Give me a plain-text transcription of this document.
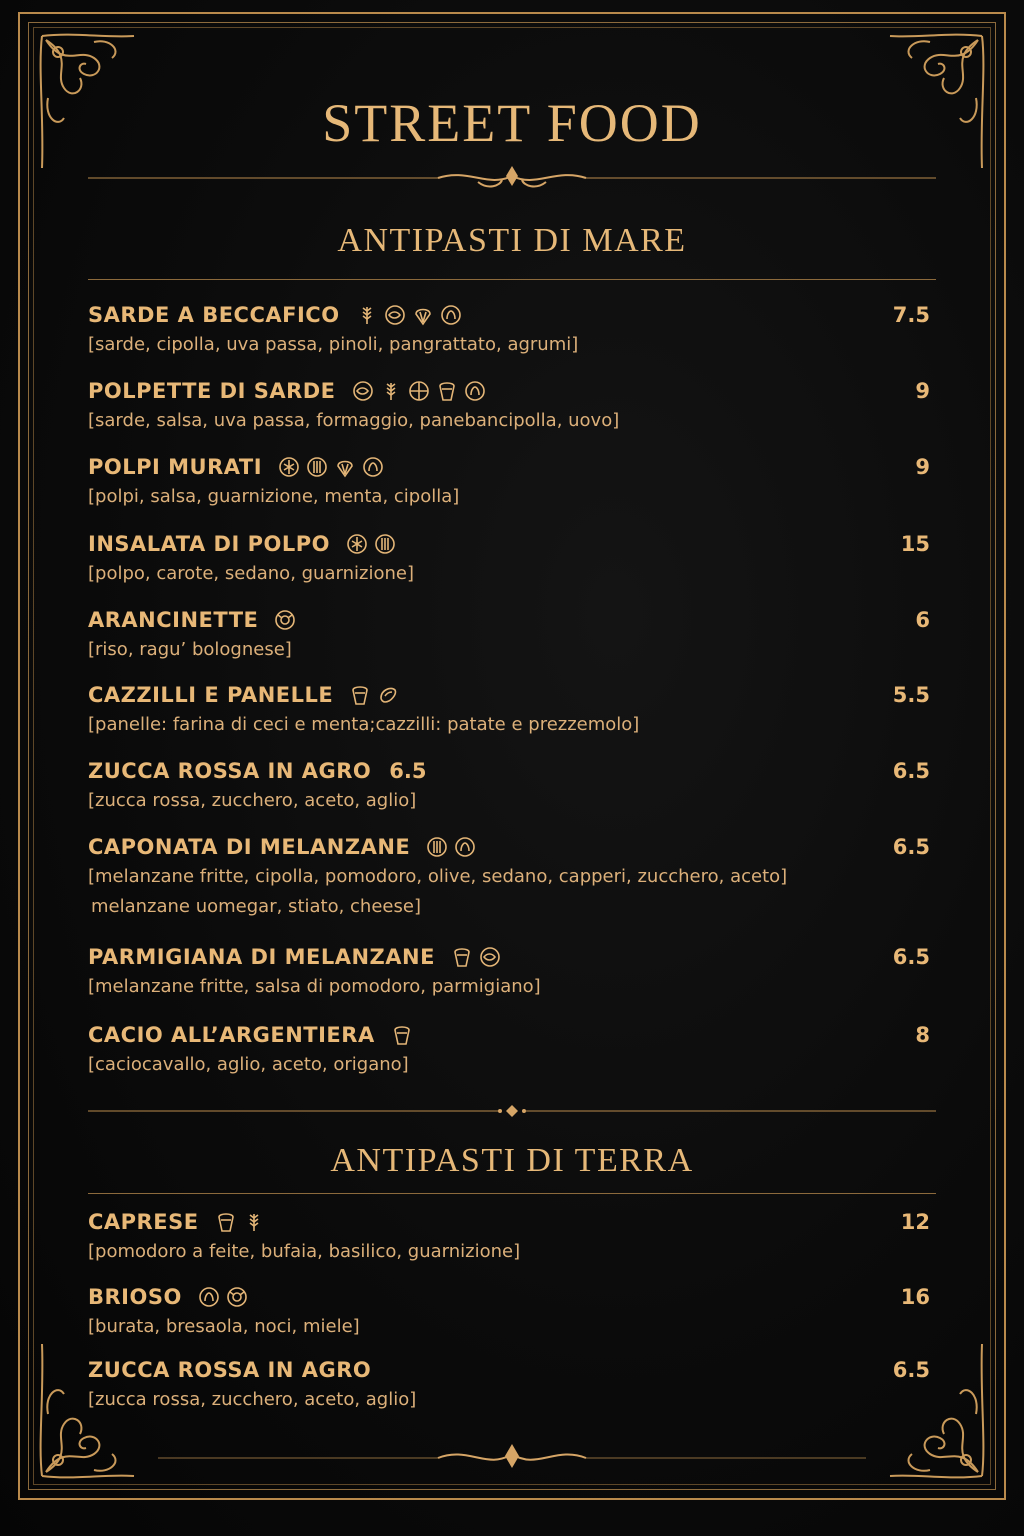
STREET FOOD
ANTIPASTI DI MARE
SARDE A BECCAFICO	7.5
[sarde, cipolla, uva passa, pinoli, pangrattato, agrumi]
POLPETTE DI SARDE	9
[sarde, salsa, uva passa, formaggio, panebancipolla, uovo]
POLPI MURATI	9
[polpi, salsa, guarnizione, menta, cipolla]
INSALATA DI POLPO	15
[polpo, carote, sedano, guarnizione]
ARANCINETTE	6
[riso, ragu’ bolognese]
CAZZILLI E PANELLE	5.5
[panelle: farina di ceci e menta;cazzilli: patate e prezzemolo]
ZUCCA ROSSA IN AGRO 6.5	6.5
[zucca rossa, zucchero, aceto, aglio]
CAPONATA DI MELANZANE	6.5
[melanzane fritte, cipolla, pomodoro, olive, sedano, capperi, zucchero, aceto]
melanzane uomegar, stiato, cheese]
PARMIGIANA DI MELANZANE	6.5
[melanzane fritte, salsa di pomodoro, parmigiano]
CACIO ALL’ARGENTIERA	8
[caciocavallo, aglio, aceto, origano]
ANTIPASTI DI TERRA
CAPRESE	12
[pomodoro a feite, bufaia, basilico, guarnizione]
BRIOSO	16
[burata, bresaola, noci, miele]
ZUCCA ROSSA IN AGRO	6.5
[zucca rossa, zucchero, aceto, aglio]
